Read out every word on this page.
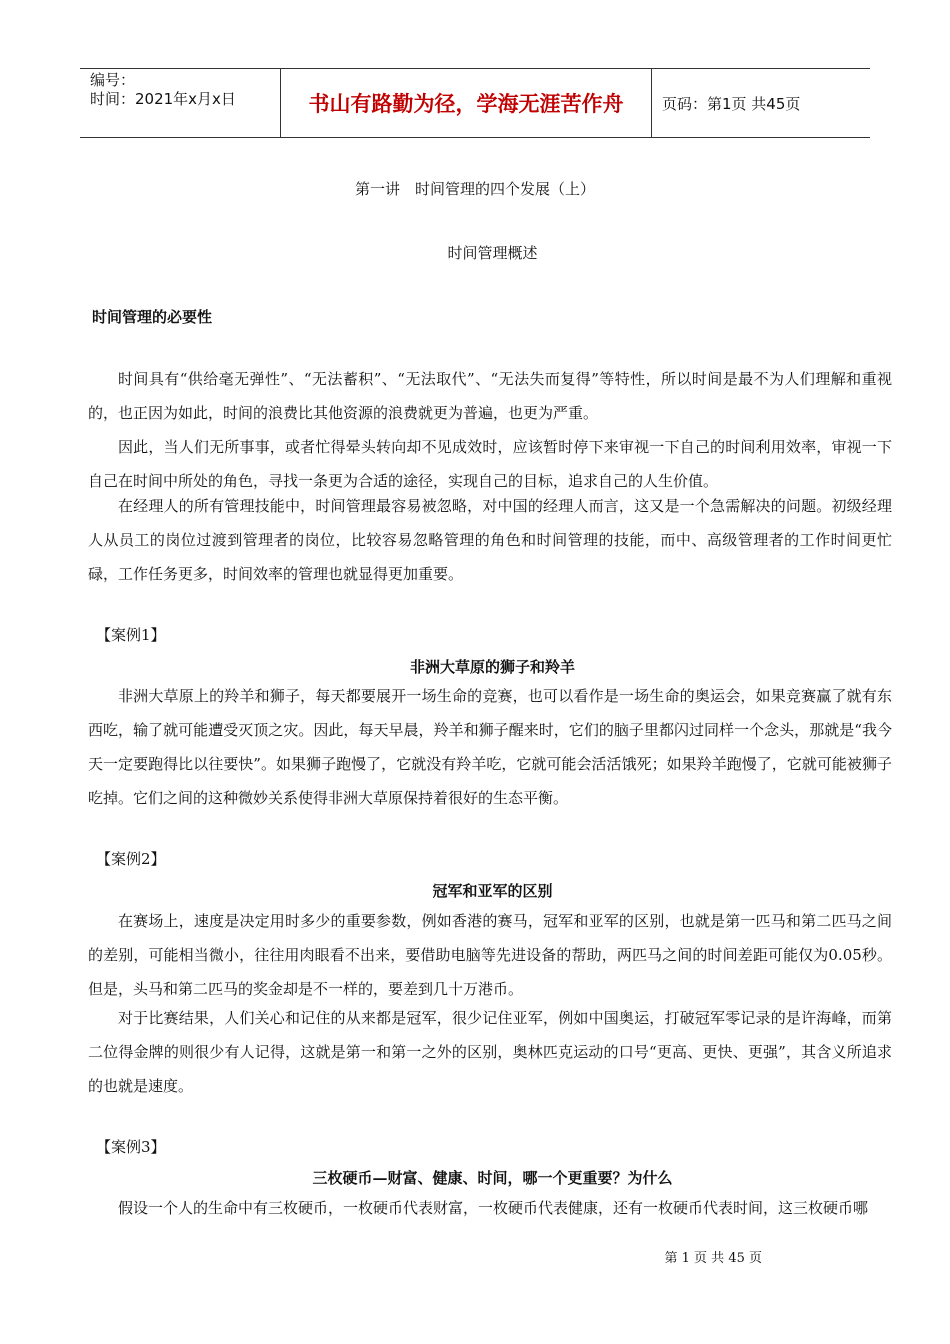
编号：
时间：2021年x月x日	书山有路勤为径，学海无涯苦作舟	页码：第1页 共45页
第一讲　时间管理的四个发展（上）
时间管理概述
时间管理的必要性
时间具有“供给毫无弹性”、“无法蓄积”、“无法取代”、“无法失而复得”等特性，所以时间是最不为人们理解和重视的，也正因为如此，时间的浪费比其他资源的浪费就更为普遍，也更为严重。
因此，当人们无所事事，或者忙得晕头转向却不见成效时，应该暂时停下来审视一下自己的时间利用效率，审视一下自己在时间中所处的角色，寻找一条更为合适的途径，实现自己的目标，追求自己的人生价值。
在经理人的所有管理技能中，时间管理最容易被忽略，对中国的经理人而言，这又是一个急需解决的问题。初级经理人从员工的岗位过渡到管理者的岗位，比较容易忽略管理的角色和时间管理的技能，而中、高级管理者的工作时间更忙碌，工作任务更多，时间效率的管理也就显得更加重要。
【案例1】
非洲大草原的狮子和羚羊
非洲大草原上的羚羊和狮子，每天都要展开一场生命的竞赛，也可以看作是一场生命的奥运会，如果竞赛赢了就有东西吃，输了就可能遭受灭顶之灾。因此，每天早晨，羚羊和狮子醒来时，它们的脑子里都闪过同样一个念头，那就是“我今天一定要跑得比以往要快”。如果狮子跑慢了，它就没有羚羊吃，它就可能会活活饿死；如果羚羊跑慢了，它就可能被狮子吃掉。它们之间的这种微妙关系使得非洲大草原保持着很好的生态平衡。
【案例2】
冠军和亚军的区别
在赛场上，速度是决定用时多少的重要参数，例如香港的赛马，冠军和亚军的区别，也就是第一匹马和第二匹马之间的差别，可能相当微小，往往用肉眼看不出来，要借助电脑等先进设备的帮助，两匹马之间的时间差距可能仅为0.05秒。但是，头马和第二匹马的奖金却是不一样的，要差到几十万港币。
对于比赛结果，人们关心和记住的从来都是冠军，很少记住亚军，例如中国奥运，打破冠军零记录的是许海峰，而第二位得金牌的则很少有人记得，这就是第一和第一之外的区别，奥林匹克运动的口号“更高、更快、更强”，其含义所追求的也就是速度。
【案例3】
三枚硬币—财富、健康、时间，哪一个更重要？为什么
假设一个人的生命中有三枚硬币，一枚硬币代表财富，一枚硬币代表健康，还有一枚硬币代表时间，这三枚硬币哪
第 1 页 共 45 页
